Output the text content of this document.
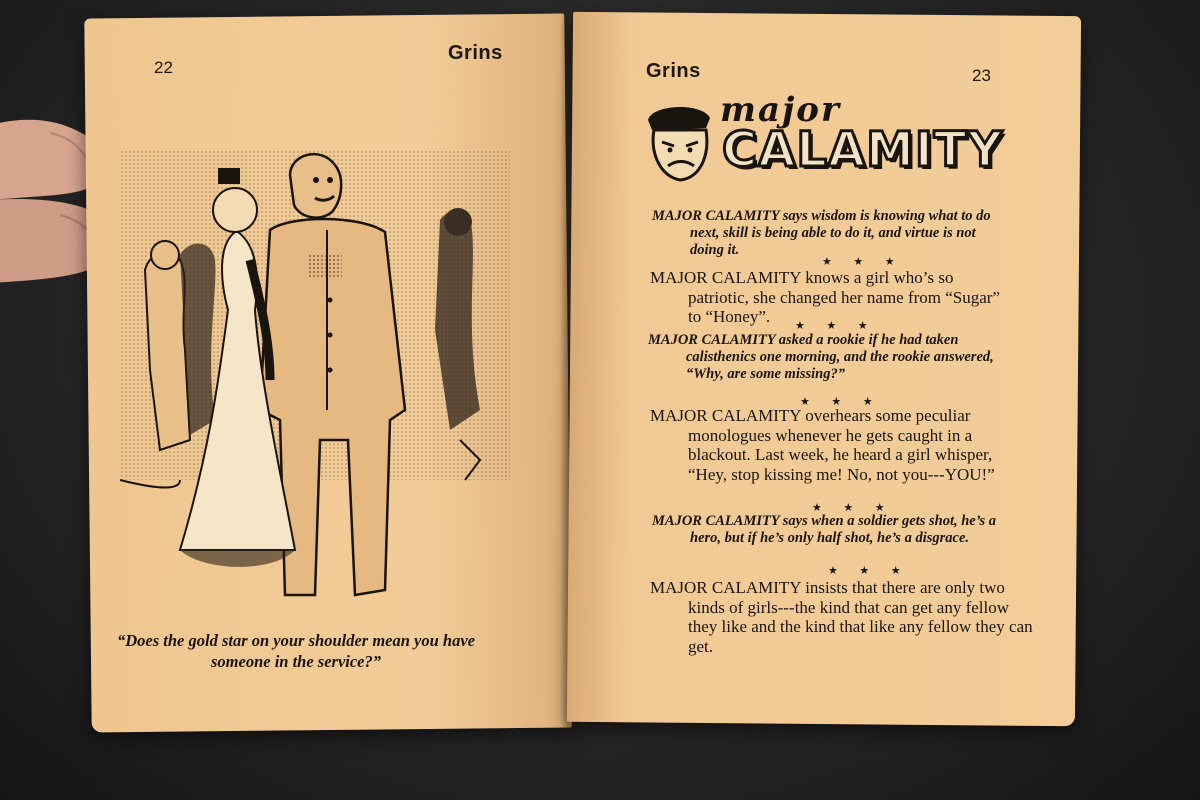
22
Grins
“Does the gold star on your shoulder mean you have someone in the service?”
Grins	23
major
CALAMITY

MAJOR CALAMITY says wisdom is knowing what to do next, skill is being able to do it, and virtue is not doing it.

★ ★ ★

MAJOR CALAMITY knows a girl who’s so patriotic, she changed her name from “Sugar” to “Honey”.	★ ★ ★

MAJOR CALAMITY asked a rookie if he had taken calisthenics one morning, and the rookie answered, “Why, are some missing?”

★ ★ ★

MAJOR CALAMITY overhears some peculiar monologues whenever he gets caught in a blackout. Last week, he heard a girl whisper, “Hey, stop kissing me! No, not you---YOU!”

★ ★ ★

MAJOR CALAMITY says when a soldier gets shot, he’s a hero, but if he’s only half shot, he’s a disgrace.

★ ★ ★

MAJOR CALAMITY insists that there are only two kinds of girls---the kind that can get any fellow they like and the kind that like any fellow they can get.
